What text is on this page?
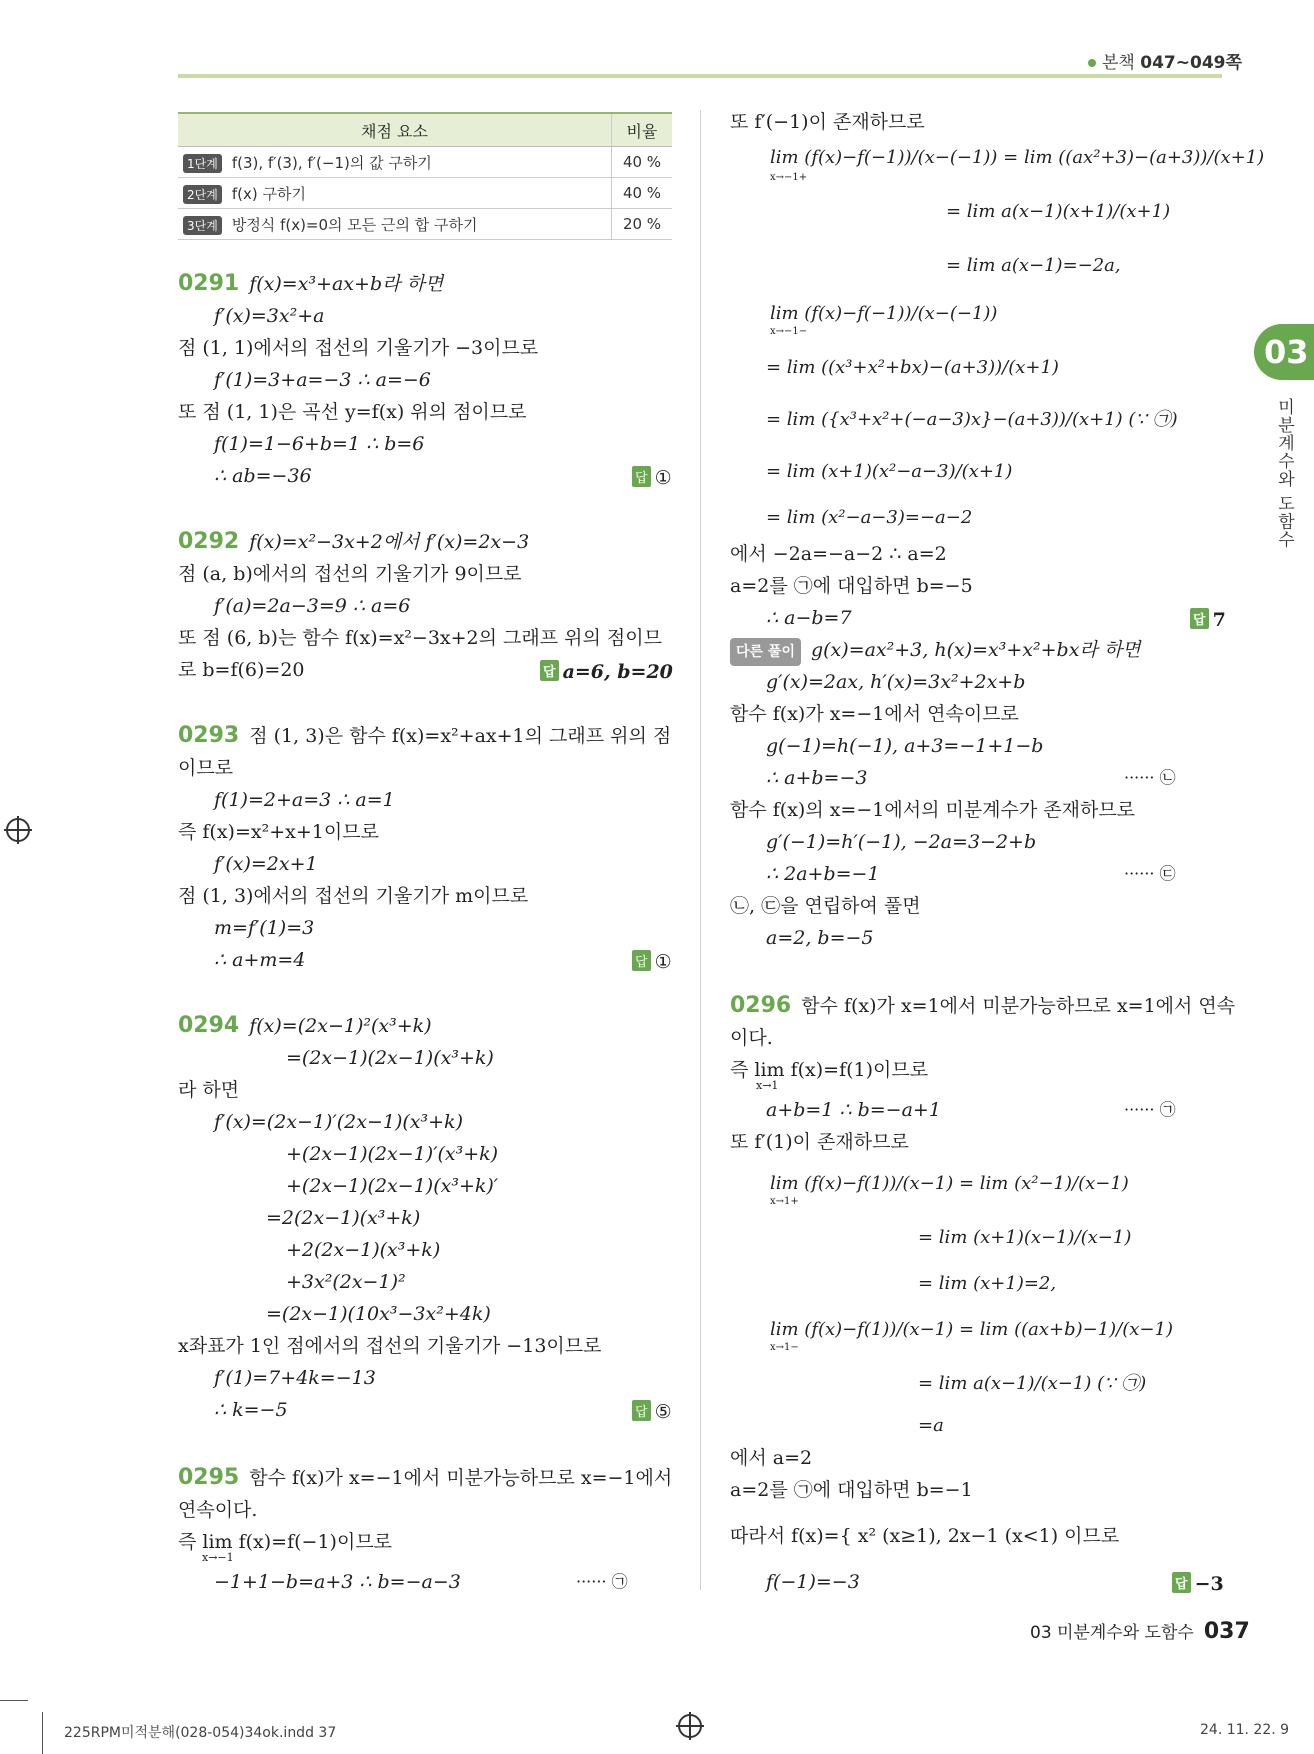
본책 047~049쪽
채점 요소	비율
1단계 f(3), f′(3), f′(−1)의 값 구하기	40 %
2단계 f(x) 구하기	40 %
3단계 방정식 f(x)=0의 모든 근의 합 구하기	20 %
0291 f(x)=x³+ax+b라 하면
f′(x)=3x²+a
점 (1, 1)에서의 접선의 기울기가 −3이므로
f′(1)=3+a=−3 ∴ a=−6
또 점 (1, 1)은 곡선 y=f(x) 위의 점이므로
f(1)=1−6+b=1 ∴ b=6
∴ ab=−36	답 ①
0292 f(x)=x²−3x+2에서 f′(x)=2x−3
점 (a, b)에서의 접선의 기울기가 9이므로
f′(a)=2a−3=9 ∴ a=6
또 점 (6, b)는 함수 f(x)=x²−3x+2의 그래프 위의 점이므
로 b=f(6)=20	답 a=6, b=20
0293 점 (1, 3)은 함수 f(x)=x²+ax+1의 그래프 위의 점
이므로
f(1)=2+a=3 ∴ a=1
즉 f(x)=x²+x+1이므로
f′(x)=2x+1
점 (1, 3)에서의 접선의 기울기가 m이므로
m=f′(1)=3
∴ a+m=4	답 ①
0294 f(x)=(2x−1)²(x³+k)
=(2x−1)(2x−1)(x³+k)
라 하면
f′(x)=(2x−1)′(2x−1)(x³+k)
+(2x−1)(2x−1)′(x³+k)
+(2x−1)(2x−1)(x³+k)′
=2(2x−1)(x³+k)
+2(2x−1)(x³+k)
+3x²(2x−1)²
=(2x−1)(10x³−3x²+4k)
x좌표가 1인 점에서의 접선의 기울기가 −13이므로
f′(1)=7+4k=−13
∴ k=−5	답 ⑤
0295 함수 f(x)가 x=−1에서 미분가능하므로 x=−1에서
연속이다.
즉 lim f(x)=f(−1)이므로
x→−1
−1+1−b=a+3 ∴ b=−a−3	······ ㉠
또 f′(−1)이 존재하므로
lim (f(x)−f(−1))/(x−(−1)) = lim ((ax²+3)−(a+3))/(x+1)
x→−1+
= lim a(x−1)(x+1)/(x+1)
= lim a(x−1)=−2a,
lim (f(x)−f(−1))/(x−(−1))
x→−1−
= lim ((x³+x²+bx)−(a+3))/(x+1)
= lim ({x³+x²+(−a−3)x}−(a+3))/(x+1) (∵ ㉠)
= lim (x+1)(x²−a−3)/(x+1)
= lim (x²−a−3)=−a−2
에서 −2a=−a−2 ∴ a=2
a=2를 ㉠에 대입하면 b=−5
∴ a−b=7	답 7
다른 풀이 g(x)=ax²+3, h(x)=x³+x²+bx라 하면
g′(x)=2ax, h′(x)=3x²+2x+b
함수 f(x)가 x=−1에서 연속이므로
g(−1)=h(−1), a+3=−1+1−b
∴ a+b=−3	······ ㉡
함수 f(x)의 x=−1에서의 미분계수가 존재하므로
g′(−1)=h′(−1), −2a=3−2+b
∴ 2a+b=−1	······ ㉢
㉡, ㉢을 연립하여 풀면
a=2, b=−5
0296 함수 f(x)가 x=1에서 미분가능하므로 x=1에서 연속
이다.
즉 lim f(x)=f(1)이므로
x→1
a+b=1 ∴ b=−a+1	······ ㉠
또 f′(1)이 존재하므로
lim (f(x)−f(1))/(x−1) = lim (x²−1)/(x−1)
x→1+
= lim (x+1)(x−1)/(x−1)
= lim (x+1)=2,
lim (f(x)−f(1))/(x−1) = lim ((ax+b)−1)/(x−1)
x→1−
= lim a(x−1)/(x−1) (∵ ㉠)
=a
에서 a=2
a=2를 ㉠에 대입하면 b=−1
따라서 f(x)={ x² (x≥1), 2x−1 (x<1) 이므로
f(−1)=−3	답 −3
03
미분계수와 도함수
03 미분계수와 도함수 037
225RPM미적분해(028-054)34ok.indd 37	24. 11. 22. 9
